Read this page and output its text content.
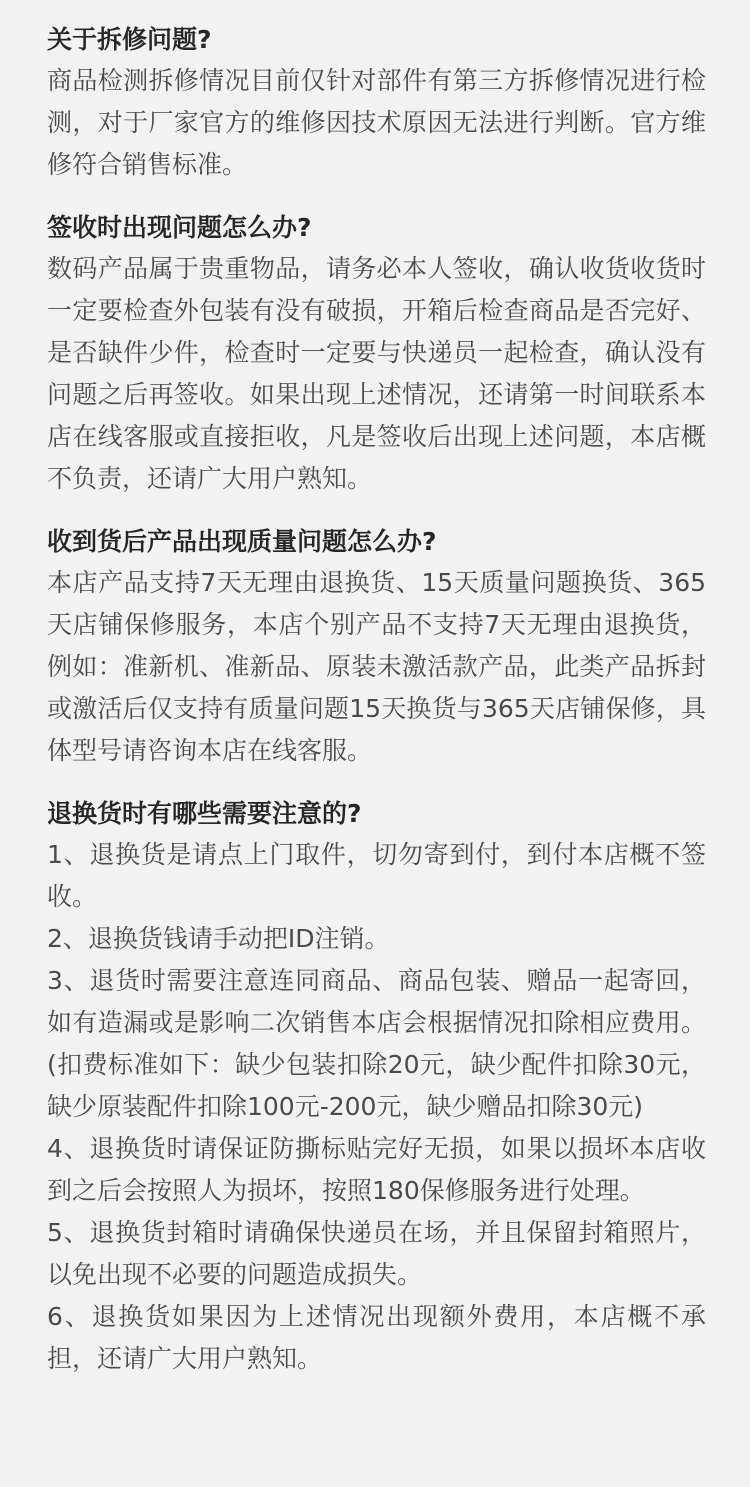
关于拆修问题?

商品检测拆修情况目前仅针对部件有第三方拆修情况进行检测，对于厂家官方的维修因技术原因无法进行判断。官方维修符合销售标准。

签收时出现问题怎么办?

数码产品属于贵重物品，请务必本人签收，确认收货收货时一定要检查外包装有没有破损，开箱后检查商品是否完好、是否缺件少件，检查时一定要与快递员一起检查，确认没有问题之后再签收。如果出现上述情况，还请第一时间联系本店在线客服或直接拒收，凡是签收后出现上述问题，本店概不负责，还请广大用户熟知。

收到货后产品出现质量问题怎么办?

本店产品支持7天无理由退换货、15天质量问题换货、365天店铺保修服务，本店个别产品不支持7天无理由退换货，例如：准新机、准新品、原装未激活款产品，此类产品拆封或激活后仅支持有质量问题15天换货与365天店铺保修，具体型号请咨询本店在线客服。

退换货时有哪些需要注意的?

1、退换货是请点上门取件，切勿寄到付，到付本店概不签收。

2、退换货钱请手动把ID注销。

3、退货时需要注意连同商品、商品包装、赠品一起寄回，如有造漏或是影响二次销售本店会根据情况扣除相应费用。(扣费标准如下：缺少包装扣除20元，缺少配件扣除30元，缺少原装配件扣除100元-200元，缺少赠品扣除30元)

4、退换货时请保证防撕标贴完好无损，如果以损坏本店收到之后会按照人为损坏，按照180保修服务进行处理。

5、退换货封箱时请确保快递员在场，并且保留封箱照片，以免出现不必要的问题造成损失。

6、退换货如果因为上述情况出现额外费用，本店概不承担，还请广大用户熟知。
